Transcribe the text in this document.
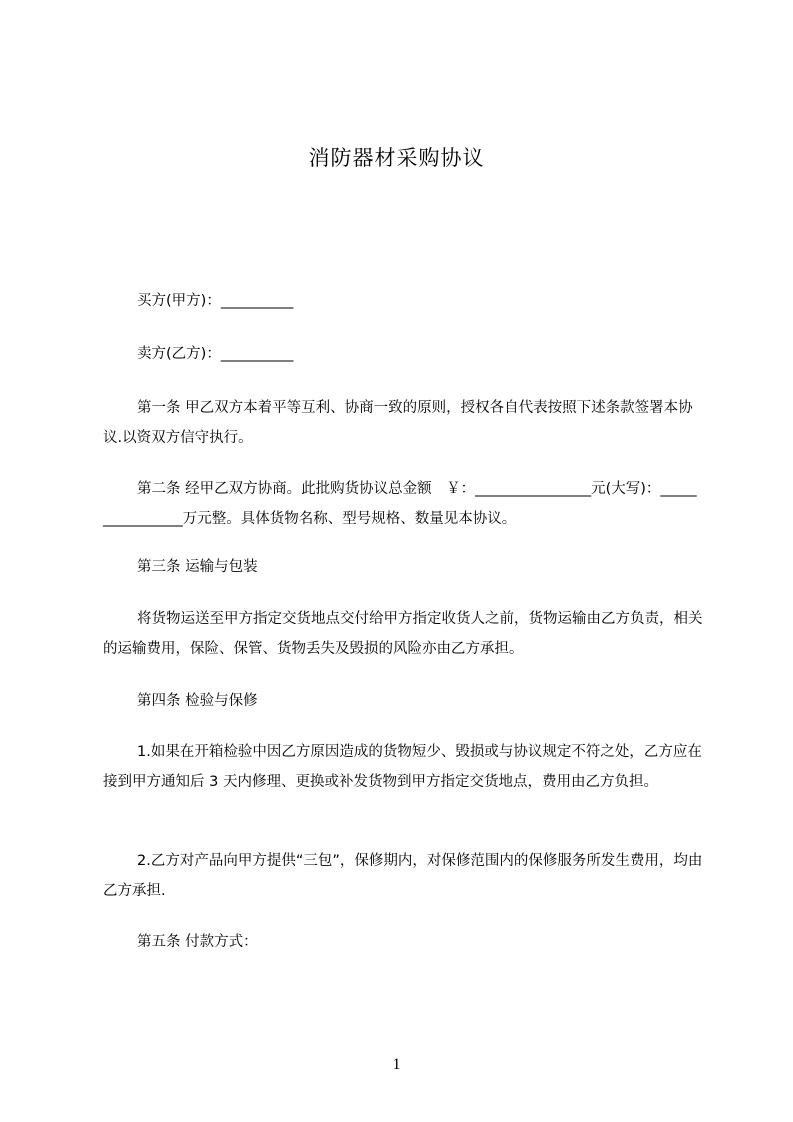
消防器材采购协议
买方(甲方)：__________
卖方(乙方)：__________

第一条 甲乙双方本着平等互利、协商一致的原则，授权各自代表按照下述条款签署本协议.以资双方信守执行。

第二条 经甲乙双方协商。此批购货协议总金额　￥：________________元(大写)：________________万元整。具体货物名称、型号规格、数量见本协议。

第三条 运输与包装

将货物运送至甲方指定交货地点交付给甲方指定收货人之前，货物运输由乙方负责，相关的运输费用，保险、保管、货物丢失及毁损的风险亦由乙方承担。

第四条 检验与保修

1.如果在开箱检验中因乙方原因造成的货物短少、毁损或与协议规定不符之处，乙方应在接到甲方通知后 3 天内修理、更换或补发货物到甲方指定交货地点，费用由乙方负担。

2.乙方对产品向甲方提供“三包”，保修期内，对保修范围内的保修服务所发生费用，均由乙方承担.

第五条 付款方式：

1
